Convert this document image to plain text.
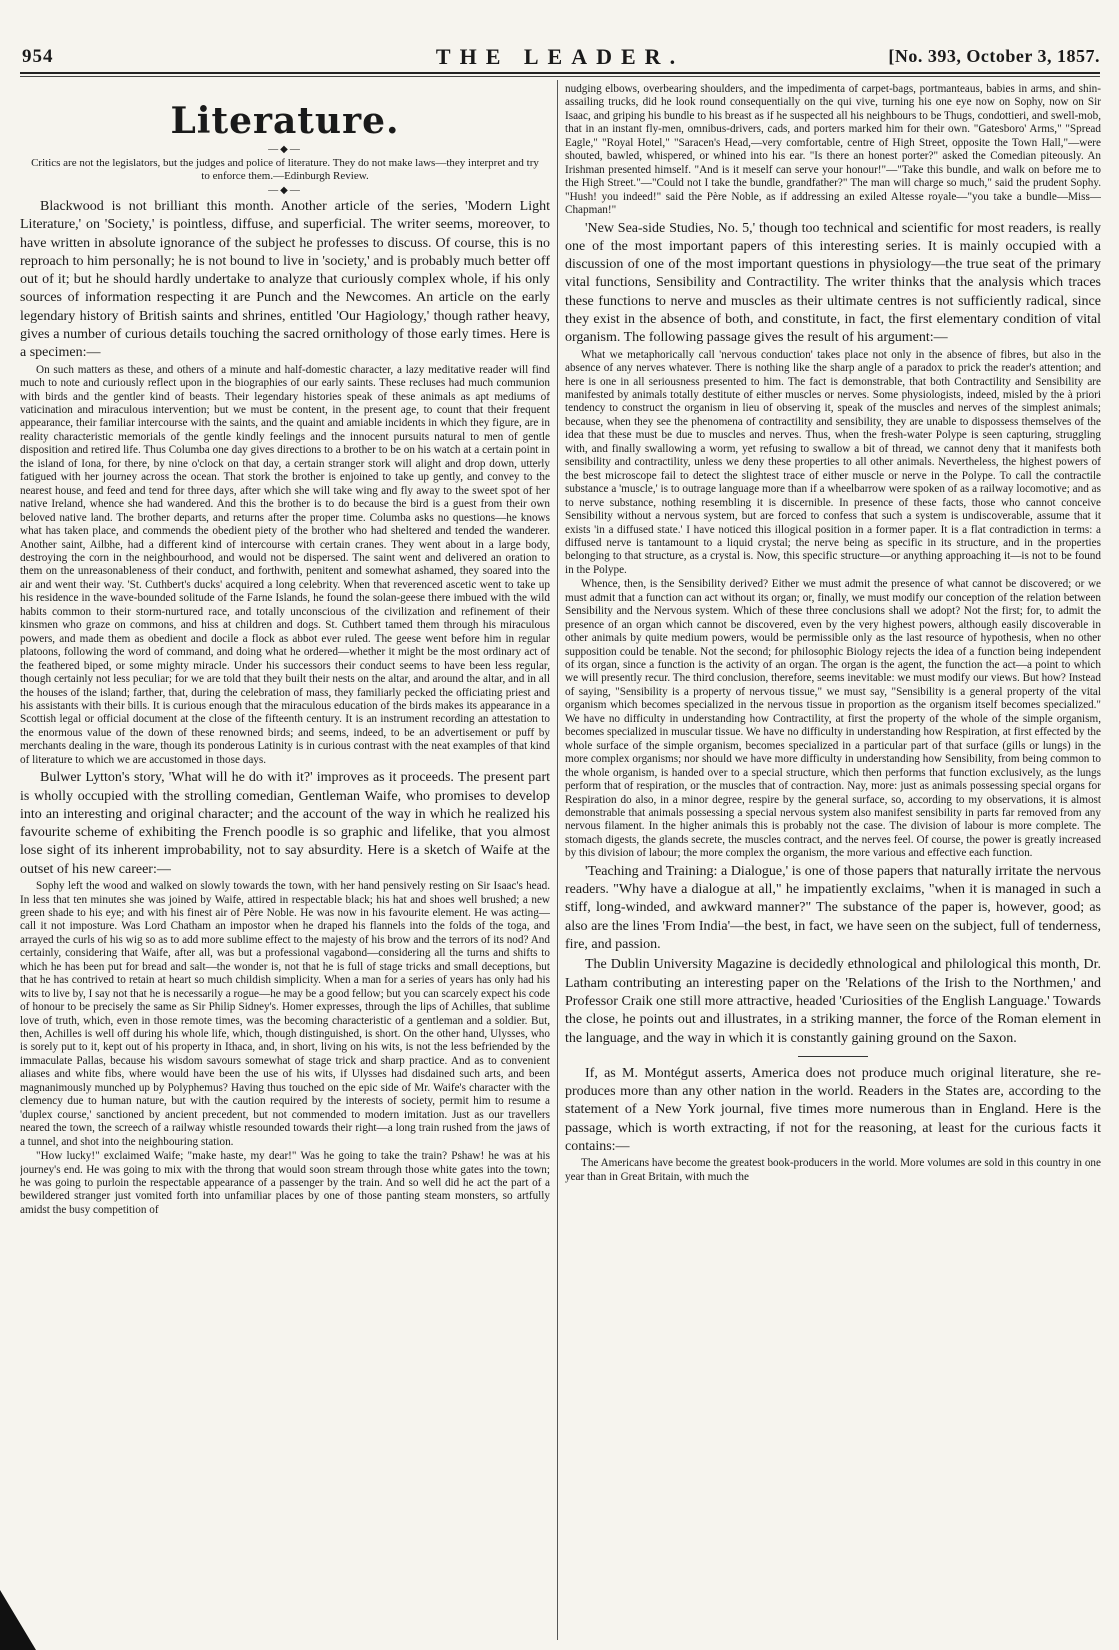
954	THE LEADER.	[No. 393, October 3, 1857.
Literature.
—◆—

Critics are not the legislators, but the judges and police of literature. They do not make laws—they interpret and try to enforce them.—Edinburgh Review.

—◆—

Blackwood is not brilliant this month. Another article of the series, 'Modern Light Literature,' on 'Society,' is pointless, diffuse, and superficial. The writer seems, moreover, to have written in absolute ignorance of the subject he professes to discuss. Of course, this is no reproach to him personally; he is not bound to live in 'society,' and is probably much better off out of it; but he should hardly undertake to analyze that curiously complex whole, if his only sources of information respecting it are Punch and the Newcomes. An article on the early legendary history of British saints and shrines, entitled 'Our Hagiology,' though rather heavy, gives a number of curious details touching the sacred ornithology of those early times. Here is a specimen:—

On such matters as these, and others of a minute and half-domestic character, a lazy meditative reader will find much to note and curiously reflect upon in the biographies of our early saints. These recluses had much communion with birds and the gentler kind of beasts. Their legendary histories speak of these animals as apt mediums of vaticination and miraculous intervention; but we must be content, in the present age, to count that their frequent appearance, their familiar intercourse with the saints, and the quaint and amiable incidents in which they figure, are in reality characteristic memorials of the gentle kindly feelings and the innocent pursuits natural to men of gentle disposition and retired life. Thus Columba one day gives directions to a brother to be on his watch at a certain point in the island of Iona, for there, by nine o'clock on that day, a certain stranger stork will alight and drop down, utterly fatigued with her journey across the ocean. That stork the brother is enjoined to take up gently, and convey to the nearest house, and feed and tend for three days, after which she will take wing and fly away to the sweet spot of her native Ireland, whence she had wandered. And this the brother is to do because the bird is a guest from their own beloved native land. The brother departs, and returns after the proper time. Columba asks no questions—he knows what has taken place, and commends the obedient piety of the brother who had sheltered and tended the wanderer. Another saint, Ailbhe, had a different kind of intercourse with certain cranes. They went about in a large body, destroying the corn in the neighbourhood, and would not be dispersed. The saint went and delivered an oration to them on the unreasonableness of their conduct, and forthwith, penitent and somewhat ashamed, they soared into the air and went their way. 'St. Cuthbert's ducks' acquired a long celebrity. When that reverenced ascetic went to take up his residence in the wave-bounded solitude of the Farne Islands, he found the solan-geese there imbued with the wild habits common to their storm-nurtured race, and totally unconscious of the civilization and refinement of their kinsmen who graze on commons, and hiss at children and dogs. St. Cuthbert tamed them through his miraculous powers, and made them as obedient and docile a flock as abbot ever ruled. The geese went before him in regular platoons, following the word of command, and doing what he ordered—whether it might be the most ordinary act of the feathered biped, or some mighty miracle. Under his successors their conduct seems to have been less regular, though certainly not less peculiar; for we are told that they built their nests on the altar, and around the altar, and in all the houses of the island; farther, that, during the celebration of mass, they familiarly pecked the officiating priest and his assistants with their bills. It is curious enough that the miraculous education of the birds makes its appearance in a Scottish legal or official document at the close of the fifteenth century. It is an instrument recording an attestation to the enormous value of the down of these renowned birds; and seems, indeed, to be an advertisement or puff by merchants dealing in the ware, though its ponderous Latinity is in curious contrast with the neat examples of that kind of literature to which we are accustomed in those days.

Bulwer Lytton's story, 'What will he do with it?' improves as it proceeds. The present part is wholly occupied with the strolling comedian, Gentleman Waife, who promises to develop into an interesting and original character; and the account of the way in which he realized his favourite scheme of exhibiting the French poodle is so graphic and lifelike, that you almost lose sight of its inherent improbability, not to say absurdity. Here is a sketch of Waife at the outset of his new career:—

Sophy left the wood and walked on slowly towards the town, with her hand pensively resting on Sir Isaac's head. In less that ten minutes she was joined by Waife, attired in respectable black; his hat and shoes well brushed; a new green shade to his eye; and with his finest air of Père Noble. He was now in his favourite element. He was acting—call it not imposture. Was Lord Chatham an impostor when he draped his flannels into the folds of the toga, and arrayed the curls of his wig so as to add more sublime effect to the majesty of his brow and the terrors of its nod? And certainly, considering that Waife, after all, was but a professional vagabond—considering all the turns and shifts to which he has been put for bread and salt—the wonder is, not that he is full of stage tricks and small deceptions, but that he has contrived to retain at heart so much childish simplicity. When a man for a series of years has only had his wits to live by, I say not that he is necessarily a rogue—he may be a good fellow; but you can scarcely expect his code of honour to be precisely the same as Sir Philip Sidney's. Homer expresses, through the lips of Achilles, that sublime love of truth, which, even in those remote times, was the becoming characteristic of a gentleman and a soldier. But, then, Achilles is well off during his whole life, which, though distinguished, is short. On the other hand, Ulysses, who is sorely put to it, kept out of his property in Ithaca, and, in short, living on his wits, is not the less befriended by the immaculate Pallas, because his wisdom savours somewhat of stage trick and sharp practice. And as to convenient aliases and white fibs, where would have been the use of his wits, if Ulysses had disdained such arts, and been magnanimously munched up by Polyphemus? Having thus touched on the epic side of Mr. Waife's character with the clemency due to human nature, but with the caution required by the interests of society, permit him to resume a 'duplex course,' sanctioned by ancient precedent, but not commended to modern imitation. Just as our travellers neared the town, the screech of a railway whistle resounded towards their right—a long train rushed from the jaws of a tunnel, and shot into the neighbouring station.

"How lucky!" exclaimed Waife; "make haste, my dear!" Was he going to take the train? Pshaw! he was at his journey's end. He was going to mix with the throng that would soon stream through those white gates into the town; he was going to purloin the respectable appearance of a passenger by the train. And so well did he act the part of a bewildered stranger just vomited forth into unfamiliar places by one of those panting steam monsters, so artfully amidst the busy competition of

nudging elbows, overbearing shoulders, and the impedimenta of carpet-bags, portmanteaus, babies in arms, and shin-assailing trucks, did he look round consequentially on the qui vive, turning his one eye now on Sophy, now on Sir Isaac, and griping his bundle to his breast as if he suspected all his neighbours to be Thugs, condottieri, and swell-mob, that in an instant fly-men, omnibus-drivers, cads, and porters marked him for their own. "Gatesboro' Arms," "Spread Eagle," "Royal Hotel," "Saracen's Head,—very comfortable, centre of High Street, opposite the Town Hall,"—were shouted, bawled, whispered, or whined into his ear. "Is there an honest porter?" asked the Comedian piteously. An Irishman presented himself. "And is it meself can serve your honour!"—"Take this bundle, and walk on before me to the High Street."—"Could not I take the bundle, grandfather?" The man will charge so much," said the prudent Sophy. "Hush! you indeed!" said the Père Noble, as if addressing an exiled Altesse royale—"you take a bundle—Miss—Chapman!"

'New Sea-side Studies, No. 5,' though too technical and scientific for most readers, is really one of the most important papers of this interesting series. It is mainly occupied with a discussion of one of the most important questions in physiology—the true seat of the primary vital functions, Sensibility and Contractility. The writer thinks that the analysis which traces these functions to nerve and muscles as their ultimate centres is not sufficiently radical, since they exist in the absence of both, and constitute, in fact, the first elementary condition of vital organism. The following passage gives the result of his argument:—

What we metaphorically call 'nervous conduction' takes place not only in the absence of fibres, but also in the absence of any nerves whatever. There is nothing like the sharp angle of a paradox to prick the reader's attention; and here is one in all seriousness presented to him. The fact is demonstrable, that both Contractility and Sensibility are manifested by animals totally destitute of either muscles or nerves. Some physiologists, indeed, misled by the à priori tendency to construct the organism in lieu of observing it, speak of the muscles and nerves of the simplest animals; because, when they see the phenomena of contractility and sensibility, they are unable to dispossess themselves of the idea that these must be due to muscles and nerves. Thus, when the fresh-water Polype is seen capturing, struggling with, and finally swallowing a worm, yet refusing to swallow a bit of thread, we cannot deny that it manifests both sensibility and contractility, unless we deny these properties to all other animals. Nevertheless, the highest powers of the best microscope fail to detect the slightest trace of either muscle or nerve in the Polype. To call the contractile substance a 'muscle,' is to outrage language more than if a wheelbarrow were spoken of as a railway locomotive; and as to nerve substance, nothing resembling it is discernible. In presence of these facts, those who cannot conceive Sensibility without a nervous system, but are forced to confess that such a system is undiscoverable, assume that it exists 'in a diffused state.' I have noticed this illogical position in a former paper. It is a flat contradiction in terms: a diffused nerve is tantamount to a liquid crystal; the nerve being as specific in its structure, and in the properties belonging to that structure, as a crystal is. Now, this specific structure—or anything approaching it—is not to be found in the Polype.

Whence, then, is the Sensibility derived? Either we must admit the presence of what cannot be discovered; or we must admit that a function can act without its organ; or, finally, we must modify our conception of the relation between Sensibility and the Nervous system. Which of these three conclusions shall we adopt? Not the first; for, to admit the presence of an organ which cannot be discovered, even by the very highest powers, although easily discoverable in other animals by quite medium powers, would be permissible only as the last resource of hypothesis, when no other supposition could be tenable. Not the second; for philosophic Biology rejects the idea of a function being independent of its organ, since a function is the activity of an organ. The organ is the agent, the function the act—a point to which we will presently recur. The third conclusion, therefore, seems inevitable: we must modify our views. But how? Instead of saying, "Sensibility is a property of nervous tissue," we must say, "Sensibility is a general property of the vital organism which becomes specialized in the nervous tissue in proportion as the organism itself becomes specialized." We have no difficulty in understanding how Contractility, at first the property of the whole of the simple organism, becomes specialized in muscular tissue. We have no difficulty in understanding how Respiration, at first effected by the whole surface of the simple organism, becomes specialized in a particular part of that surface (gills or lungs) in the more complex organisms; nor should we have more difficulty in understanding how Sensibility, from being common to the whole organism, is handed over to a special structure, which then performs that function exclusively, as the lungs perform that of respiration, or the muscles that of contraction. Nay, more: just as animals possessing special organs for Respiration do also, in a minor degree, respire by the general surface, so, according to my observations, it is almost demonstrable that animals possessing a special nervous system also manifest sensibility in parts far removed from any nervous filament. In the higher animals this is probably not the case. The division of labour is more complete. The stomach digests, the glands secrete, the muscles contract, and the nerves feel. Of course, the power is greatly increased by this division of labour; the more complex the organism, the more various and effective each function.

'Teaching and Training: a Dialogue,' is one of those papers that naturally irritate the nervous readers. "Why have a dialogue at all," he impatiently exclaims, "when it is managed in such a stiff, long-winded, and awkward manner?" The substance of the paper is, however, good; as also are the lines 'From India'—the best, in fact, we have seen on the subject, full of tenderness, fire, and passion.

The Dublin University Magazine is decidedly ethnological and philological this month, Dr. Latham contributing an interesting paper on the 'Relations of the Irish to the Northmen,' and Professor Craik one still more attractive, headed 'Curiosities of the English Language.' Towards the close, he points out and illustrates, in a striking manner, the force of the Roman element in the language, and the way in which it is constantly gaining ground on the Saxon.

If, as M. Montégut asserts, America does not produce much original literature, she re-produces more than any other nation in the world. Readers in the States are, according to the statement of a New York journal, five times more numerous than in England. Here is the passage, which is worth extracting, if not for the reasoning, at least for the curious facts it contains:—

The Americans have become the greatest book-producers in the world. More volumes are sold in this country in one year than in Great Britain, with much the
